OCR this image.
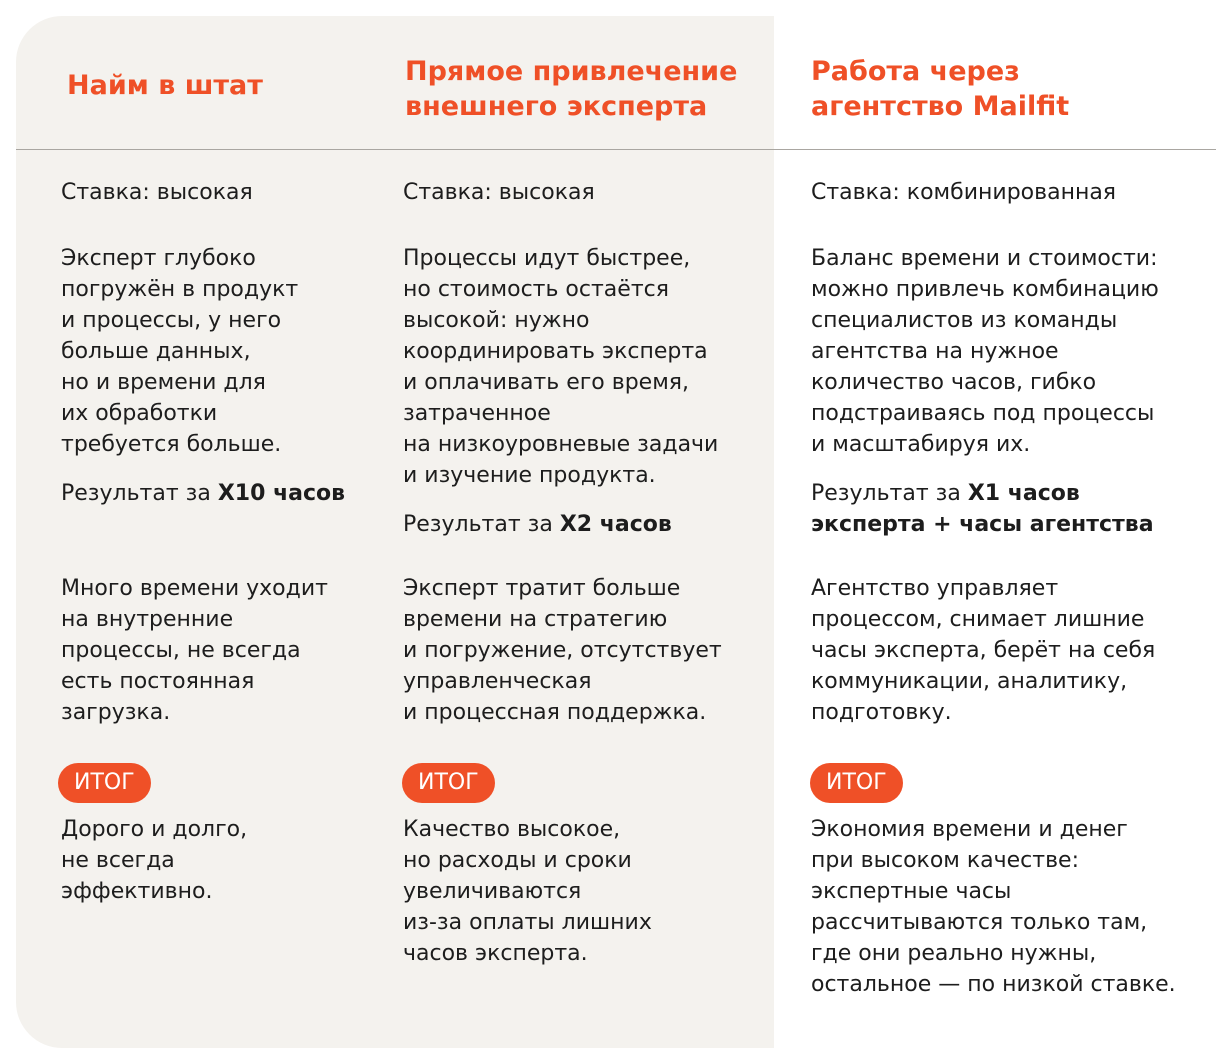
Найм в штат
Ставка: высокая
Эксперт глубоко
погружён в продукт
и процессы, у него
больше данных,
но и времени для
их обработки
требуется больше.
Результат за Х10 часов
Много времени уходит
на внутренние
процессы, не всегда
есть постоянная
загрузка.
ИТОГ
Дорого и долго,
не всегда
эффективно.
Прямое привлечение
внешнего эксперта
Ставка: высокая
Процессы идут быстрее,
но стоимость остаётся
высокой: нужно
координировать эксперта
и оплачивать его время,
затраченное
на низкоуровневые задачи
и изучение продукта.
Результат за Х2 часов
Эксперт тратит больше
времени на стратегию
и погружение, отсутствует
управленческая
и процессная поддержка.
ИТОГ
Качество высокое,
но расходы и сроки
увеличиваются
из-за оплаты лишних
часов эксперта.
Работа через
агентство Mailfit
Ставка: комбинированная
Баланс времени и стоимости:
можно привлечь комбинацию
специалистов из команды
агентства на нужное
количество часов, гибко
подстраиваясь под процессы
и масштабируя их.
Результат за Х1 часов
эксперта + часы агентства
Агентство управляет
процессом, снимает лишние
часы эксперта, берёт на себя
коммуникации, аналитику,
подготовку.
ИТОГ
Экономия времени и денег
при высоком качестве:
экспертные часы
рассчитываются только там,
где они реально нужны,
остальное — по низкой ставке.
